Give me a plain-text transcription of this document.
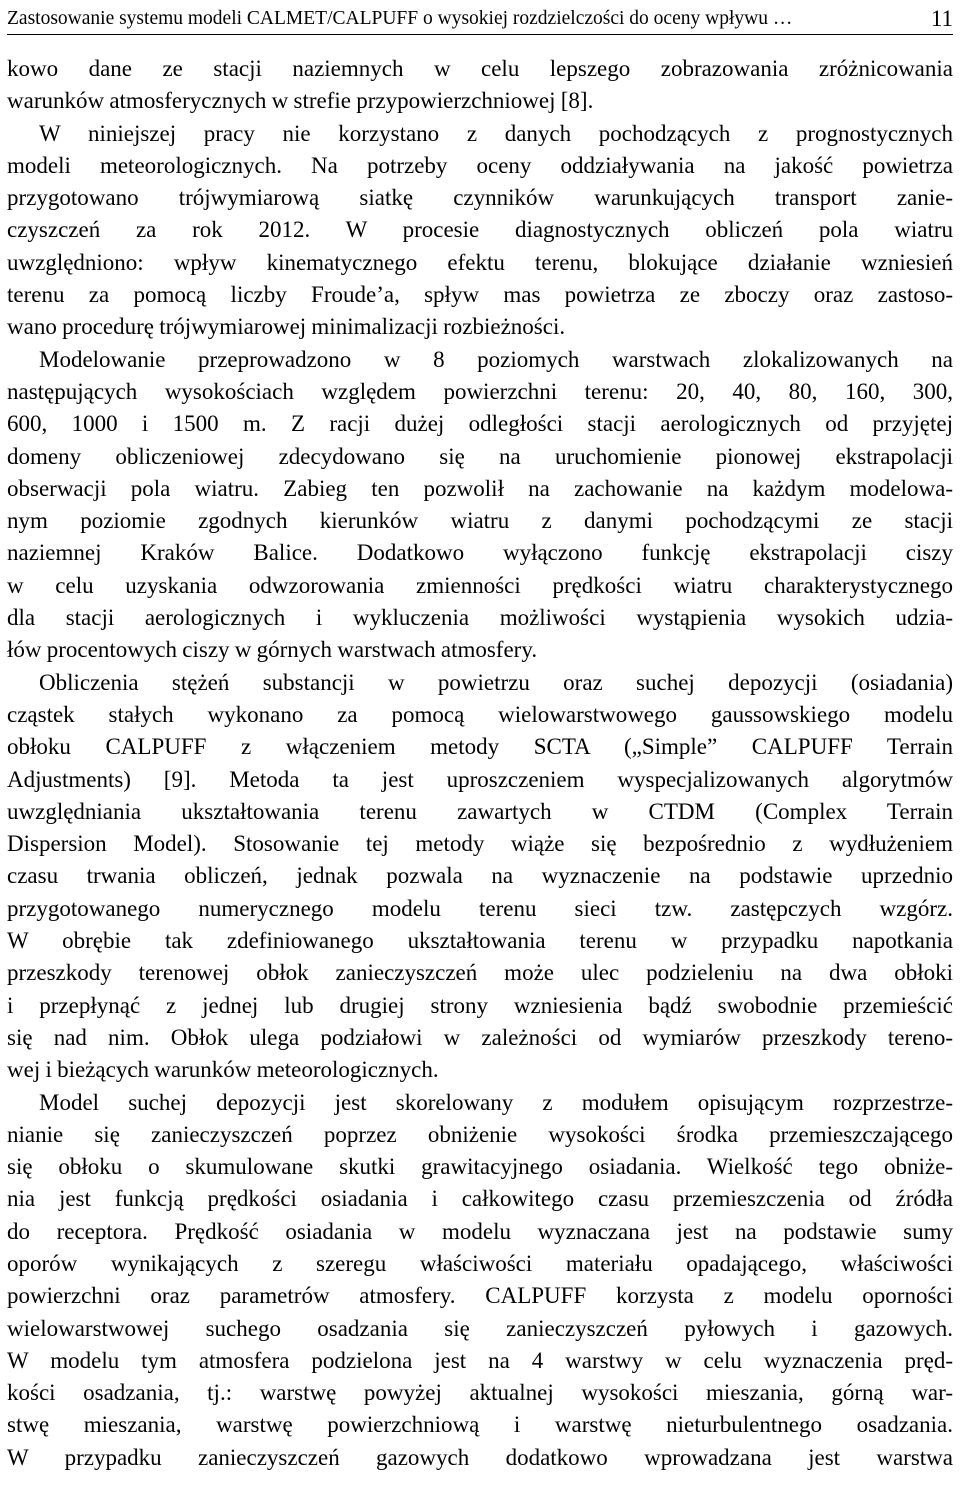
Zastosowanie systemu modeli CALMET/CALPUFF o wysokiej rozdzielczości do oceny wpływu …	11
kowo dane ze stacji naziemnych w celu lepszego zobrazowania zróżnicowania
warunków atmosferycznych w strefie przypowierzchniowej [8].
W niniejszej pracy nie korzystano z danych pochodzących z prognostycznych
modeli meteorologicznych. Na potrzeby oceny oddziaływania na jakość powietrza
przygotowano trójwymiarową siatkę czynników warunkujących transport zanie-
czyszczeń za rok 2012. W procesie diagnostycznych obliczeń pola wiatru
uwzględniono: wpływ kinematycznego efektu terenu, blokujące działanie wzniesień
terenu za pomocą liczby Froude’a, spływ mas powietrza ze zboczy oraz zastoso-
wano procedurę trójwymiarowej minimalizacji rozbieżności.
Modelowanie przeprowadzono w 8 poziomych warstwach zlokalizowanych na
następujących wysokościach względem powierzchni terenu: 20, 40, 80, 160, 300,
600, 1000 i 1500 m. Z racji dużej odległości stacji aerologicznych od przyjętej
domeny obliczeniowej zdecydowano się na uruchomienie pionowej ekstrapolacji
obserwacji pola wiatru. Zabieg ten pozwolił na zachowanie na każdym modelowa-
nym poziomie zgodnych kierunków wiatru z danymi pochodzącymi ze stacji
naziemnej Kraków Balice. Dodatkowo wyłączono funkcję ekstrapolacji ciszy
w celu uzyskania odwzorowania zmienności prędkości wiatru charakterystycznego
dla stacji aerologicznych i wykluczenia możliwości wystąpienia wysokich udzia-
łów procentowych ciszy w górnych warstwach atmosfery.
Obliczenia stężeń substancji w powietrzu oraz suchej depozycji (osiadania)
cząstek stałych wykonano za pomocą wielowarstwowego gaussowskiego modelu
obłoku CALPUFF z włączeniem metody SCTA („Simple” CALPUFF Terrain
Adjustments) [9]. Metoda ta jest uproszczeniem wyspecjalizowanych algorytmów
uwzględniania ukształtowania terenu zawartych w CTDM (Complex Terrain
Dispersion Model). Stosowanie tej metody wiąże się bezpośrednio z wydłużeniem
czasu trwania obliczeń, jednak pozwala na wyznaczenie na podstawie uprzednio
przygotowanego numerycznego modelu terenu sieci tzw. zastępczych wzgórz.
W obrębie tak zdefiniowanego ukształtowania terenu w przypadku napotkania
przeszkody terenowej obłok zanieczyszczeń może ulec podzieleniu na dwa obłoki
i przepłynąć z jednej lub drugiej strony wzniesienia bądź swobodnie przemieścić
się nad nim. Obłok ulega podziałowi w zależności od wymiarów przeszkody tereno-
wej i bieżących warunków meteorologicznych.
Model suchej depozycji jest skorelowany z modułem opisującym rozprzestrze-
nianie się zanieczyszczeń poprzez obniżenie wysokości środka przemieszczającego
się obłoku o skumulowane skutki grawitacyjnego osiadania. Wielkość tego obniże-
nia jest funkcją prędkości osiadania i całkowitego czasu przemieszczenia od źródła
do receptora. Prędkość osiadania w modelu wyznaczana jest na podstawie sumy
oporów wynikających z szeregu właściwości materiału opadającego, właściwości
powierzchni oraz parametrów atmosfery. CALPUFF korzysta z modelu oporności
wielowarstwowej suchego osadzania się zanieczyszczeń pyłowych i gazowych.
W modelu tym atmosfera podzielona jest na 4 warstwy w celu wyznaczenia pręd-
kości osadzania, tj.: warstwę powyżej aktualnej wysokości mieszania, górną war-
stwę mieszania, warstwę powierzchniową i warstwę nieturbulentnego osadzania.
W przypadku zanieczyszczeń gazowych dodatkowo wprowadzana jest warstwa
